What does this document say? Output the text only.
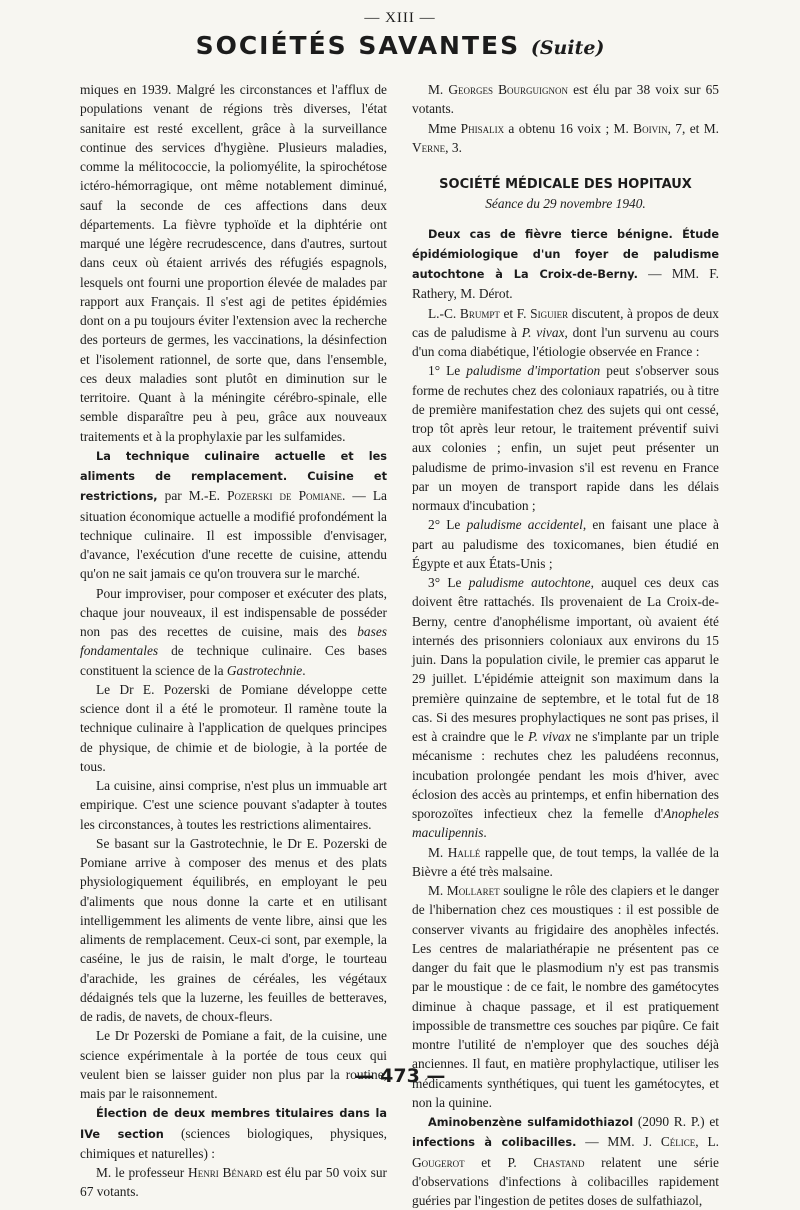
— XIII —
SOCIÉTÉS SAVANTES (Suite)

miques en 1939. Malgré les circonstances et l'afflux de populations venant de régions très diverses, l'état sanitaire est resté excellent, grâce à la surveillance continue des services d'hygiène. Plusieurs maladies, comme la mélitococcie, la poliomyélite, la spirochétose ictéro-hémorragique, ont même notablement diminué, sauf la seconde de ces affections dans deux départements. La fièvre typhoïde et la diphtérie ont marqué une légère recrudescence, dans d'autres, surtout dans ceux où étaient arrivés des réfugiés espagnols, lesquels ont fourni une proportion élevée de malades par rapport aux Français. Il s'est agi de petites épidémies dont on a pu toujours éviter l'extension avec la recherche des porteurs de germes, les vaccinations, la désinfection et l'isolement rationnel, de sorte que, dans l'ensemble, ces deux maladies sont plutôt en diminution sur le territoire. Quant à la méningite cérébro-spinale, elle semble disparaître peu à peu, grâce aux nouveaux traitements et à la prophylaxie par les sulfamides.

La technique culinaire actuelle et les aliments de remplacement. Cuisine et restrictions, par M.-E. Pozerski de Pomiane. — La situation économique actuelle a modifié profondément la technique culinaire. Il est impossible d'envisager, d'avance, l'exécution d'une recette de cuisine, attendu qu'on ne sait jamais ce qu'on trouvera sur le marché.

Pour improviser, pour composer et exécuter des plats, chaque jour nouveaux, il est indispensable de posséder non pas des recettes de cuisine, mais des bases fondamentales de technique culinaire. Ces bases constituent la science de la Gastrotechnie.

Le Dr E. Pozerski de Pomiane développe cette science dont il a été le promoteur. Il ramène toute la technique culinaire à l'application de quelques principes de physique, de chimie et de biologie, à la portée de tous.

La cuisine, ainsi comprise, n'est plus un immuable art empirique. C'est une science pouvant s'adapter à toutes les circonstances, à toutes les restrictions alimentaires.

Se basant sur la Gastrotechnie, le Dr E. Pozerski de Pomiane arrive à composer des menus et des plats physiologiquement équilibrés, en employant le peu d'aliments que nous donne la carte et en utilisant intelligemment les aliments de vente libre, ainsi que les aliments de remplacement. Ceux-ci sont, par exemple, la caséine, le jus de raisin, le malt d'orge, le tourteau d'arachide, les graines de céréales, les végétaux dédaignés tels que la luzerne, les feuilles de betteraves, de radis, de navets, de choux-fleurs.

Le Dr Pozerski de Pomiane a fait, de la cuisine, une science expérimentale à la portée de tous ceux qui veulent bien se laisser guider non plus par la routine, mais par le raisonnement.

Élection de deux membres titulaires dans la IVe section (sciences biologiques, physiques, chimiques et naturelles) :

M. le professeur Henri Bénard est élu par 50 voix sur 67 votants.

M. Georges Bourguignon est élu par 38 voix sur 65 votants.

Mme Phisalix a obtenu 16 voix ; M. Boivin, 7, et M. Verne, 3.

SOCIÉTÉ MÉDICALE DES HOPITAUX

Séance du 29 novembre 1940.

Deux cas de fièvre tierce bénigne. Étude épidémiologique d'un foyer de paludisme autochtone à La Croix-de-Berny. — MM. F. Rathery, M. Dérot.

L.-C. Brumpt et F. Siguier discutent, à propos de deux cas de paludisme à P. vivax, dont l'un survenu au cours d'un coma diabétique, l'étiologie observée en France :

1° Le paludisme d'importation peut s'observer sous forme de rechutes chez des coloniaux rapatriés, ou à titre de première manifestation chez des sujets qui ont cessé, trop tôt après leur retour, le traitement préventif suivi aux colonies ; enfin, un sujet peut présenter un paludisme de primo-invasion s'il est revenu en France par un moyen de transport rapide dans les délais normaux d'incubation ;

2° Le paludisme accidentel, en faisant une place à part au paludisme des toxicomanes, bien étudié en Égypte et aux États-Unis ;

3° Le paludisme autochtone, auquel ces deux cas doivent être rattachés. Ils provenaient de La Croix-de-Berny, centre d'anophélisme important, où avaient été internés des prisonniers coloniaux aux environs du 15 juin. Dans la population civile, le premier cas apparut le 29 juillet. L'épidémie atteignit son maximum dans la première quinzaine de septembre, et le total fut de 18 cas. Si des mesures prophylactiques ne sont pas prises, il est à craindre que le P. vivax ne s'implante par un triple mécanisme : rechutes chez les paludéens reconnus, incubation prolongée pendant les mois d'hiver, avec éclosion des accès au printemps, et enfin hibernation des sporozoïtes infectieux chez la femelle d'Anopheles maculipennis.

M. Hallé rappelle que, de tout temps, la vallée de la Bièvre a été très malsaine.

M. Mollaret souligne le rôle des clapiers et le danger de l'hibernation chez ces moustiques : il est possible de conserver vivants au frigidaire des anophèles infectés. Les centres de malariathérapie ne présentent pas ce danger du fait que le plasmodium n'y est pas transmis par le moustique : de ce fait, le nombre des gamétocytes diminue à chaque passage, et il est pratiquement impossible de transmettre ces souches par piqûre. Ce fait montre l'utilité de n'employer que des souches déjà anciennes. Il faut, en matière prophylactique, utiliser les médicaments synthétiques, qui tuent les gamétocytes, et non la quinine.

Aminobenzène sulfamidothiazol (2090 R. P.) et infections à colibacilles. — MM. J. Célice, L. Gougerot et P. Chastand relatent une série d'observations d'infections à colibacilles rapidement guéries par l'ingestion de petites doses de sulfathiazol,

— 473 —
